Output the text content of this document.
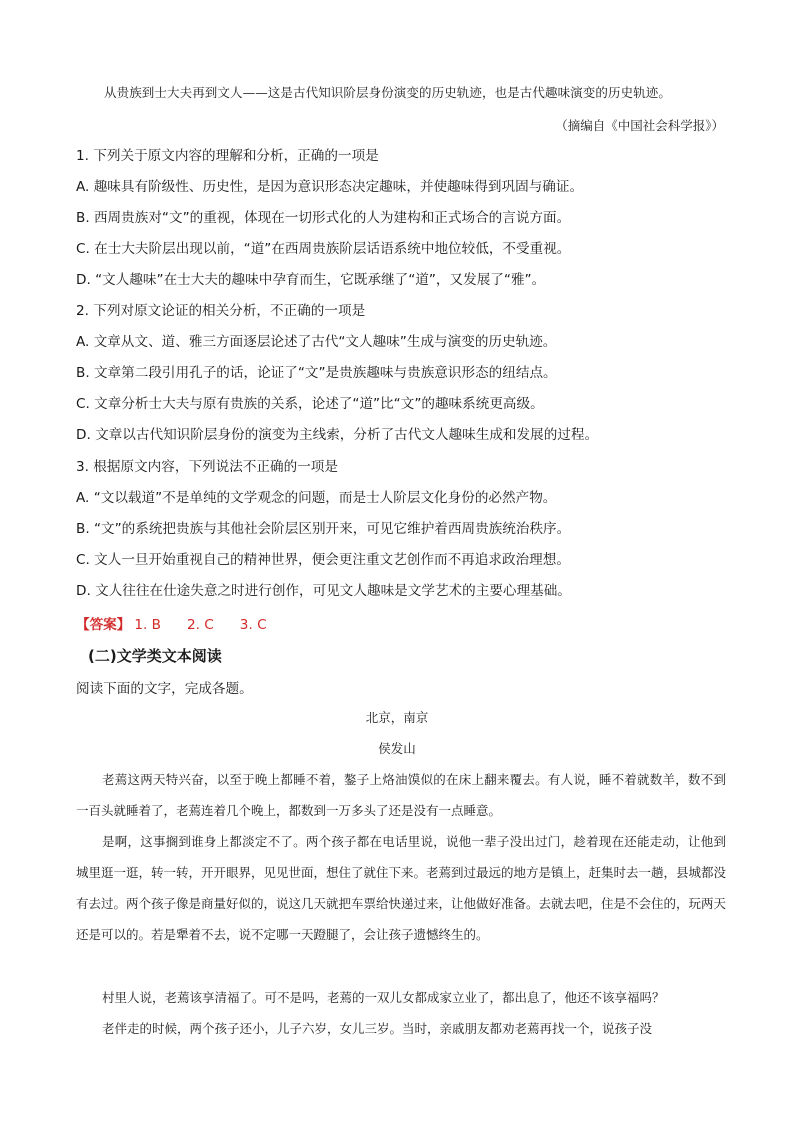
从贵族到士大夫再到文人——这是古代知识阶层身份演变的历史轨迹，也是古代趣味演变的历史轨迹。
（摘编自《中国社会科学报》）
1. 下列关于原文内容的理解和分析，正确的一项是
A. 趣味具有阶级性、历史性，是因为意识形态决定趣味，并使趣味得到巩固与确证。
B. 西周贵族对“文”的重视，体现在一切形式化的人为建构和正式场合的言说方面。
C. 在士大夫阶层出现以前，“道”在西周贵族阶层话语系统中地位较低，不受重视。
D. “文人趣味”在士大夫的趣味中孕育而生，它既承继了“道”，又发展了“雅”。
2. 下列对原文论证的相关分析，不正确的一项是
A. 文章从文、道、雅三方面逐层论述了古代“文人趣味”生成与演变的历史轨迹。
B. 文章第二段引用孔子的话，论证了“文”是贵族趣味与贵族意识形态的纽结点。
C. 文章分析士大夫与原有贵族的关系，论述了“道”比“文”的趣味系统更高级。
D. 文章以古代知识阶层身份的演变为主线索，分析了古代文人趣味生成和发展的过程。
3. 根据原文内容，下列说法不正确的一项是
A. “文以载道”不是单纯的文学观念的问题，而是士人阶层文化身份的必然产物。
B. “文”的系统把贵族与其他社会阶层区别开来，可见它维护着西周贵族统治秩序。
C. 文人一旦开始重视自己的精神世界，便会更注重文艺创作而不再追求政治理想。
D. 文人往往在仕途失意之时进行创作，可见文人趣味是文学艺术的主要心理基础。
【答案】 1. B 2. C 3. C
(二)文学类文本阅读
阅读下面的文字，完成各题。
北京，南京
侯发山
老蔫这两天特兴奋，以至于晚上都睡不着，鏊子上烙油馍似的在床上翻来覆去。有人说，睡不着就数羊，数不到一百头就睡着了，老蔫连着几个晚上，都数到一万多头了还是没有一点睡意。
是啊，这事搁到谁身上都淡定不了。两个孩子都在电话里说，说他一辈子没出过门，趁着现在还能走动，让他到城里逛一逛，转一转，开开眼界，见见世面，想住了就住下来。老蔫到过最远的地方是镇上，赶集时去一趟，县城都没有去过。两个孩子像是商量好似的，说这几天就把车票给快递过来，让他做好准备。去就去吧，住是不会住的，玩两天还是可以的。若是犟着不去，说不定哪一天蹬腿了，会让孩子遗憾终生的。
村里人说，老蔫该享清福了。可不是吗，老蔫的一双儿女都成家立业了，都出息了，他还不该享福吗？
老伴走的时候，两个孩子还小，儿子六岁，女儿三岁。当时，亲戚朋友都劝老蔫再找一个，说孩子没
